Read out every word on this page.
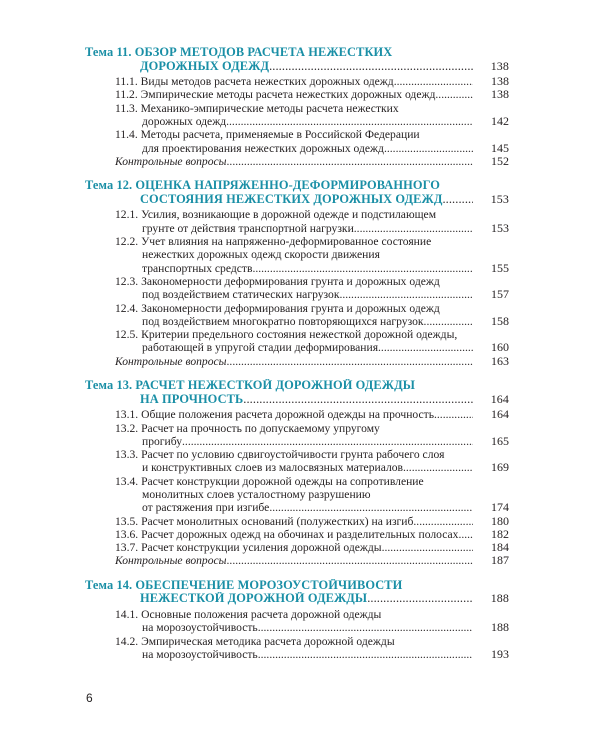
Тема 11. ОБЗОР МЕТОДОВ РАСЧЕТА НЕЖЕСТКИХ
ДОРОЖНЫХ ОДЕЖД .....	138
11.1. Виды методов расчета нежестких дорожных одежд .....	138
11.2. Эмпирические методы расчета нежестких дорожных одежд .....	138
11.3. Механико-эмпирические методы расчета нежестких
дорожных одежд .....	142
11.4. Методы расчета, применяемые в Российской Федерации
для проектирования нежестких дорожных одежд .....	145
Контрольные вопросы .....	152
Тема 12. ОЦЕНКА НАПРЯЖЕННО-ДЕФОРМИРОВАННОГО
СОСТОЯНИЯ НЕЖЕСТКИХ ДОРОЖНЫХ ОДЕЖД .....	153
12.1. Усилия, возникающие в дорожной одежде и подстилающем
грунте от действия транспортной нагрузки .....	153
12.2. Учет влияния на напряженно-деформированное состояние
нежестких дорожных одежд скорости движения
транспортных средств .....	155
12.3. Закономерности деформирования грунта и дорожных одежд
под воздействием статических нагрузок .....	157
12.4. Закономерности деформирования грунта и дорожных одежд
под воздействием многократно повторяющихся нагрузок .....	158
12.5. Критерии предельного состояния нежесткой дорожной одежды,
работающей в упругой стадии деформирования .....	160
Контрольные вопросы .....	163
Тема 13. РАСЧЕТ НЕЖЕСТКОЙ ДОРОЖНОЙ ОДЕЖДЫ
НА ПРОЧНОСТЬ .....	164
13.1. Общие положения расчета дорожной одежды на прочность .....	164
13.2. Расчет на прочность по допускаемому упругому
прогибу .....	165
13.3. Расчет по условию сдвигоустойчивости грунта рабочего слоя
и конструктивных слоев из малосвязных материалов .....	169
13.4. Расчет конструкции дорожной одежды на сопротивление
монолитных слоев усталостному разрушению
от растяжения при изгибе .....	174
13.5. Расчет монолитных оснований (полужестких) на изгиб .....	180
13.6. Расчет дорожных одежд на обочинах и разделительных полосах .....	182
13.7. Расчет конструкции усиления дорожной одежды .....	184
Контрольные вопросы .....	187
Тема 14. ОБЕСПЕЧЕНИЕ МОРОЗОУСТОЙЧИВОСТИ
НЕЖЕСТКОЙ ДОРОЖНОЙ ОДЕЖДЫ .....	188
14.1. Основные положения расчета дорожной одежды
на морозоустойчивость .....	188
14.2. Эмпирическая методика расчета дорожной одежды
на морозоустойчивость .....	193
6
